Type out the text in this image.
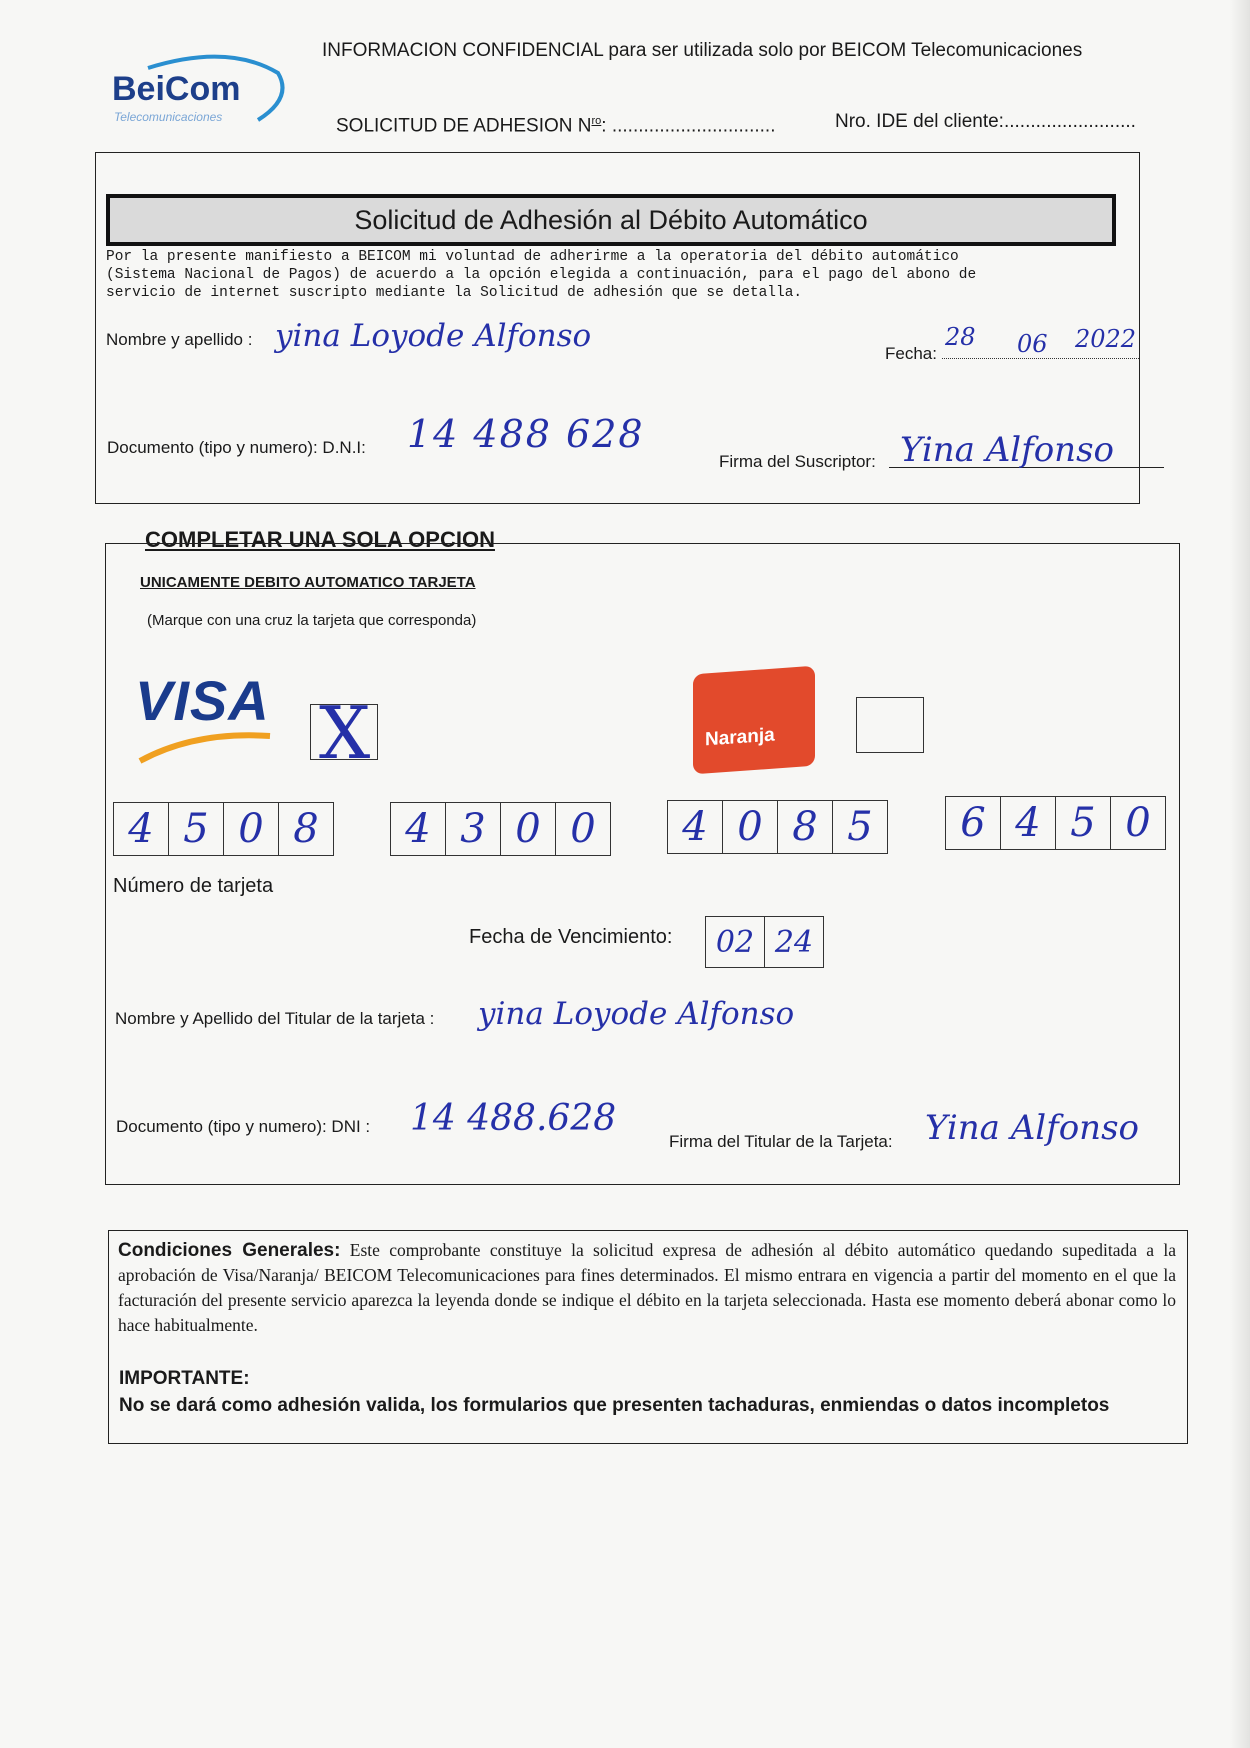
BeiCom
Telecomunicaciones
INFORMACION CONFIDENCIAL para ser utilizada solo por BEICOM Telecomunicaciones
SOLICITUD DE ADHESION $N^{ro}$: ...............................	Nro. IDE del cliente:.........................
Solicitud de Adhesión al Débito Automático
Por la presente manifiesto a BEICOM mi voluntad de adherirme a la operatoria del débito automático
(Sistema Nacional de Pagos) de acuerdo a la opción elegida a continuación, para el pago del abono de
servicio de internet suscripto mediante la Solicitud de adhesión que se detalla.
Nombre y apellido : yina Loyode Alfonso	Fecha:
28 06 2022
Documento (tipo y numero): D.N.I: 14 488 628
Firma del Suscriptor: Yina Alfonso
COMPLETAR UNA SOLA OPCION
UNICAMENTE DEBITO AUTOMATICO TARJETA
(Marque con una cruz la tarjeta que corresponda)
VISA X	Naranja
4 5 0 8	4 3 0 0	4 0 8 5	6 4 5 0
Número de tarjeta
Fecha de Vencimiento:	02 24
Nombre y Apellido del Titular de la tarjeta : yina Loyode Alfonso
Documento (tipo y numero): DNI : 14 488.628
Firma del Titular de la Tarjeta: Yina Alfonso
Condiciones Generales: Este comprobante constituye la solicitud expresa de adhesión al débito automático quedando supeditada a la aprobación de Visa/Naranja/ BEICOM Telecomunicaciones para fines determinados. El mismo entrara en vigencia a partir del momento en el que la facturación del presente servicio aparezca la leyenda donde se indique el débito en la tarjeta seleccionada. Hasta ese momento deberá abonar como lo hace habitualmente.
IMPORTANTE:
No se dará como adhesión valida, los formularios que presenten tachaduras, enmiendas o datos incompletos
